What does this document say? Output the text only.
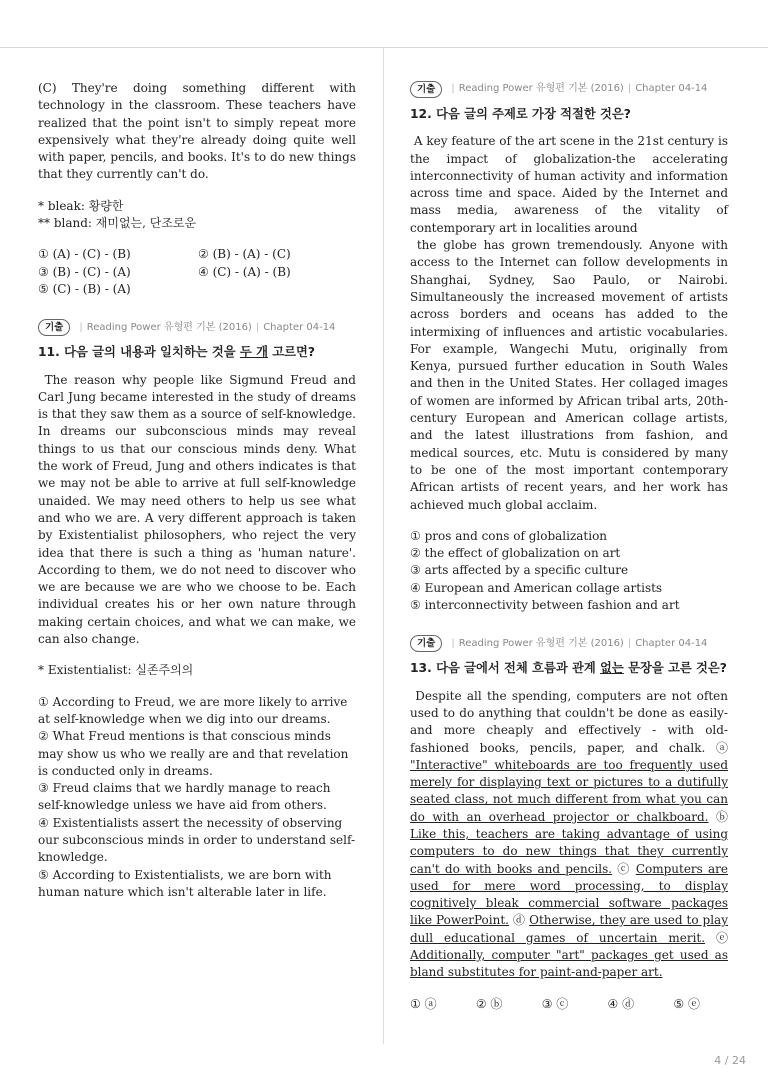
(C) They're doing something different with technology in the classroom. These teachers have realized that the point isn't to simply repeat more expensively what they're already doing quite well with paper, pencils, and books. It's to do new things that they currently can't do.

* bleak: 황량한
** bland: 재미없는, 단조로운
① (A) - (C) - (B)	② (B) - (A) - (C)
③ (B) - (C) - (A)	④ (C) - (A) - (B)
⑤ (C) - (B) - (A)
기출	| Reading Power 유형편 기본 (2016) | Chapter 04-14
11. 다음 글의 내용과 일치하는 것을 두 개 고르면?

The reason why people like Sigmund Freud and Carl Jung became interested in the study of dreams is that they saw them as a source of self-knowledge. In dreams our subconscious minds may reveal things to us that our conscious minds deny. What the work of Freud, Jung and others indicates is that we may not be able to arrive at full self-knowledge unaided. We may need others to help us see what and who we are. A very different approach is taken by Existentialist philosophers, who reject the very idea that there is such a thing as 'human nature'. According to them, we do not need to discover who we are because we are who we choose to be. Each individual creates his or her own nature through making certain choices, and what we can make, we can also change.

* Existentialist: 실존주의의
① According to Freud, we are more likely to arrive at self-knowledge when we dig into our dreams.
② What Freud mentions is that conscious minds may show us who we really are and that revelation is conducted only in dreams.
③ Freud claims that we hardly manage to reach self-knowledge unless we have aid from others.
④ Existentialists assert the necessity of observing our subconscious minds in order to understand self-knowledge.
⑤ According to Existentialists, we are born with human nature which isn't alterable later in life.
기출	| Reading Power 유형편 기본 (2016) | Chapter 04-14
12. 다음 글의 주제로 가장 적절한 것은?

A key feature of the art scene in the 21st century is the impact of globalization-the accelerating interconnectivity of human activity and information across time and space. Aided by the Internet and mass media, awareness of the vitality of contemporary art in localities around

the globe has grown tremendously. Anyone with access to the Internet can follow developments in Shanghai, Sydney, Sao Paulo, or Nairobi. Simultaneously the increased movement of artists across borders and oceans has added to the intermixing of influences and artistic vocabularies. For example, Wangechi Mutu, originally from Kenya, pursued further education in South Wales and then in the United States. Her collaged images of women are informed by African tribal arts, 20th-century European and American collage artists, and the latest illustrations from fashion, and medical sources, etc. Mutu is considered by many to be one of the most important contemporary African artists of recent years, and her work has achieved much global acclaim.

① pros and cons of globalization
② the effect of globalization on art
③ arts affected by a specific culture
④ European and American collage artists
⑤ interconnectivity between fashion and art
기출	| Reading Power 유형편 기본 (2016) | Chapter 04-14
13. 다음 글에서 전체 흐름과 관계 없는 문장을 고른 것은?

Despite all the spending, computers are not often used to do anything that couldn't be done as easily- and more cheaply and effectively - with old-fashioned books, pencils, paper, and chalk. ⓐ "Interactive" whiteboards are too frequently used merely for displaying text or pictures to a dutifully seated class, not much different from what you can do with an overhead projector or chalkboard. ⓑ Like this, teachers are taking advantage of using computers to do new things that they currently can't do with books and pencils. ⓒ Computers are used for mere word processing, to display cognitively bleak commercial software packages like PowerPoint. ⓓ Otherwise, they are used to play dull educational games of uncertain merit. ⓔ Additionally, computer "art" packages get used as bland substitutes for paint-and-paper art.

① ⓐ	② ⓑ	③ ⓒ	④ ⓓ	⑤ ⓔ
4 / 24
